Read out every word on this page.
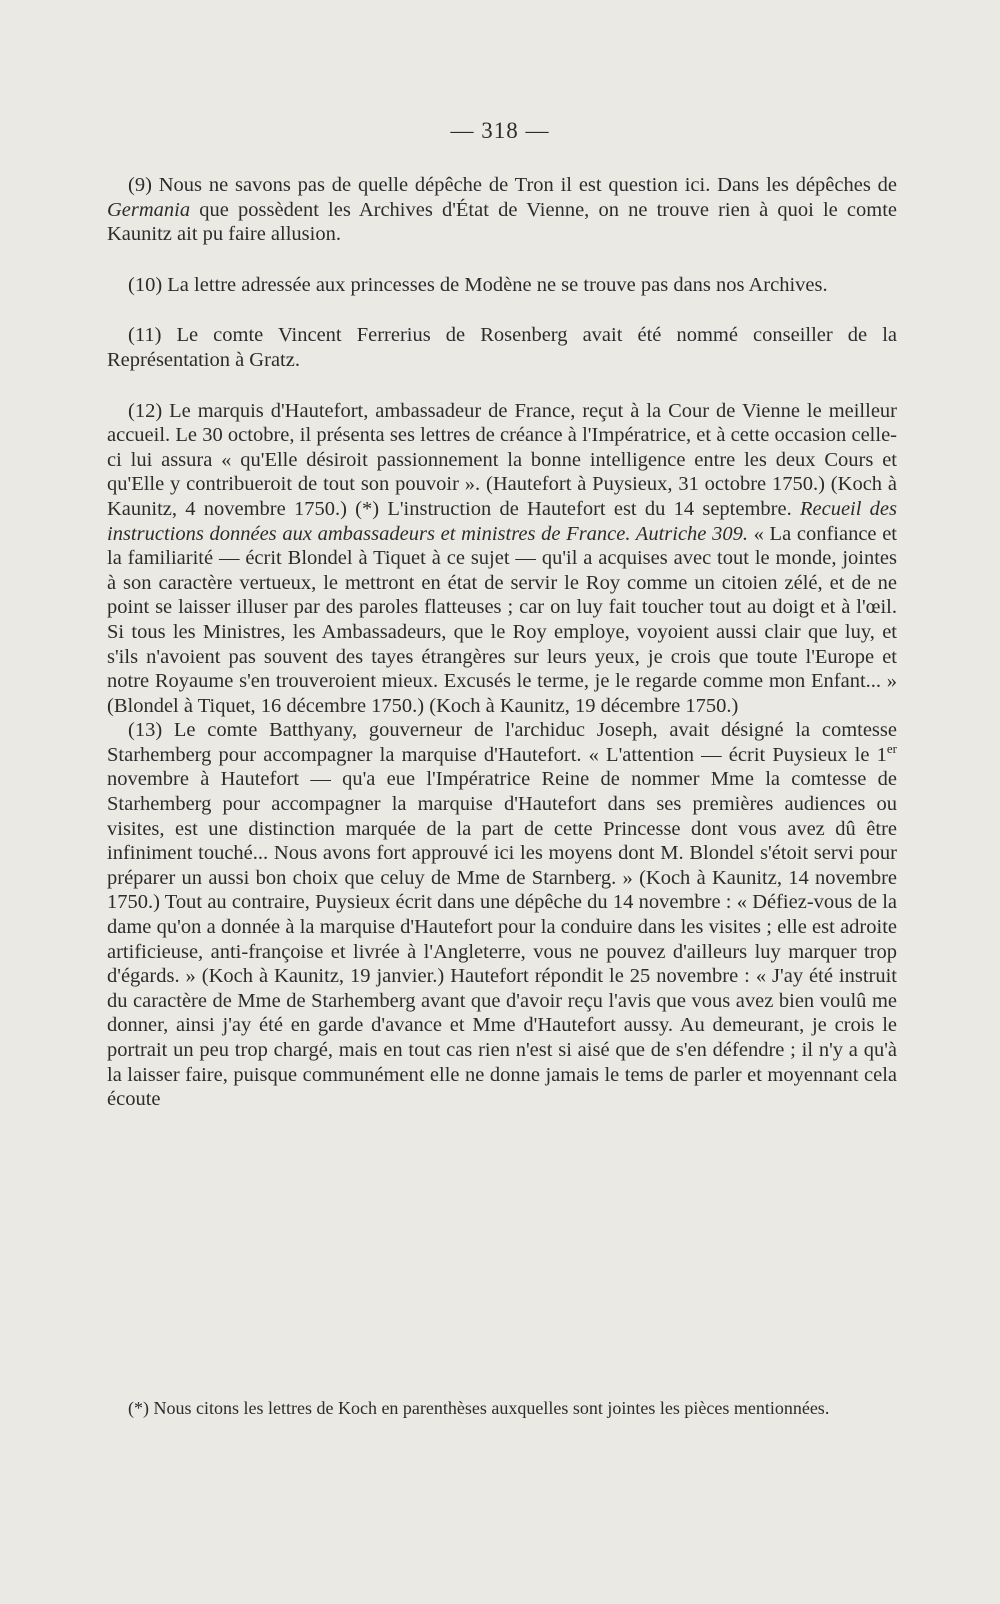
— 318 —

(9) Nous ne savons pas de quelle dépêche de Tron il est question ici. Dans les dépêches de Germania que possèdent les Archives d'État de Vienne, on ne trouve rien à quoi le comte Kaunitz ait pu faire allusion.

(10) La lettre adressée aux princesses de Modène ne se trouve pas dans nos Archives.

(11) Le comte Vincent Ferrerius de Rosenberg avait été nommé conseiller de la Représentation à Gratz.

(12) Le marquis d'Hautefort, ambassadeur de France, reçut à la Cour de Vienne le meilleur accueil. Le 30 octobre, il présenta ses lettres de créance à l'Impératrice, et à cette occasion celle-ci lui assura « qu'Elle désiroit passionnement la bonne intelligence entre les deux Cours et qu'Elle y contribueroit de tout son pouvoir ». (Hautefort à Puysieux, 31 octobre 1750.) (Koch à Kaunitz, 4 novembre 1750.) (*) L'instruction de Hautefort est du 14 septembre. Recueil des instructions données aux ambassadeurs et ministres de France. Autriche 309. « La confiance et la familiarité — écrit Blondel à Tiquet à ce sujet — qu'il a acquises avec tout le monde, jointes à son caractère vertueux, le mettront en état de servir le Roy comme un citoien zélé, et de ne point se laisser illuser par des paroles flatteuses ; car on luy fait toucher tout au doigt et à l'œil. Si tous les Ministres, les Ambassadeurs, que le Roy employe, voyoient aussi clair que luy, et s'ils n'avoient pas souvent des tayes étrangères sur leurs yeux, je crois que toute l'Europe et notre Royaume s'en trouveroient mieux. Excusés le terme, je le regarde comme mon Enfant... » (Blondel à Tiquet, 16 décembre 1750.) (Koch à Kaunitz, 19 décembre 1750.)

(13) Le comte Batthyany, gouverneur de l'archiduc Joseph, avait désigné la comtesse Starhemberg pour accompagner la marquise d'Hautefort. « L'attention — écrit Puysieux le 1er novembre à Hautefort — qu'a eue l'Impératrice Reine de nommer Mme la comtesse de Starhemberg pour accompagner la marquise d'Hautefort dans ses premières audiences ou visites, est une distinction marquée de la part de cette Princesse dont vous avez dû être infiniment touché... Nous avons fort approuvé ici les moyens dont M. Blondel s'étoit servi pour préparer un aussi bon choix que celuy de Mme de Starnberg. » (Koch à Kaunitz, 14 novembre 1750.) Tout au contraire, Puysieux écrit dans une dépêche du 14 novembre : « Défiez-vous de la dame qu'on a donnée à la marquise d'Hautefort pour la conduire dans les visites ; elle est adroite artificieuse, anti-françoise et livrée à l'Angleterre, vous ne pouvez d'ailleurs luy marquer trop d'égards. » (Koch à Kaunitz, 19 janvier.) Hautefort répondit le 25 novembre : « J'ay été instruit du caractère de Mme de Starhemberg avant que d'avoir reçu l'avis que vous avez bien voulû me donner, ainsi j'ay été en garde d'avance et Mme d'Hautefort aussy. Au demeurant, je crois le portrait un peu trop chargé, mais en tout cas rien n'est si aisé que de s'en défendre ; il n'y a qu'à la laisser faire, puisque communément elle ne donne jamais le tems de parler et moyennant cela écoute

(*) Nous citons les lettres de Koch en parenthèses auxquelles sont jointes les pièces mentionnées.
